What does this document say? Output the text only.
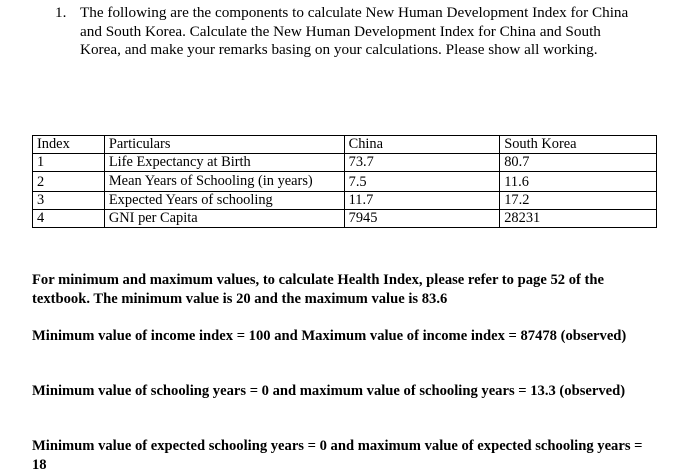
1. The following are the components to calculate New Human Development Index for China and South Korea. Calculate the New Human Development Index for China and South Korea, and make your remarks basing on your calculations. Please show all working.
Index	Particulars	China	South Korea
1	Life Expectancy at Birth	73.7	80.7
2	Mean Years of Schooling (in years)	7.5	11.6
3	Expected Years of schooling	11.7	17.2
4	GNI per Capita	7945	28231
For minimum and maximum values, to calculate Health Index, please refer to page 52 of the textbook. The minimum value is 20 and the maximum value is 83.6
Minimum value of income index = 100 and Maximum value of income index = 87478 (observed)
Minimum value of schooling years = 0 and maximum value of schooling years = 13.3 (observed)
Minimum value of expected schooling years = 0 and maximum value of expected schooling years = 18
